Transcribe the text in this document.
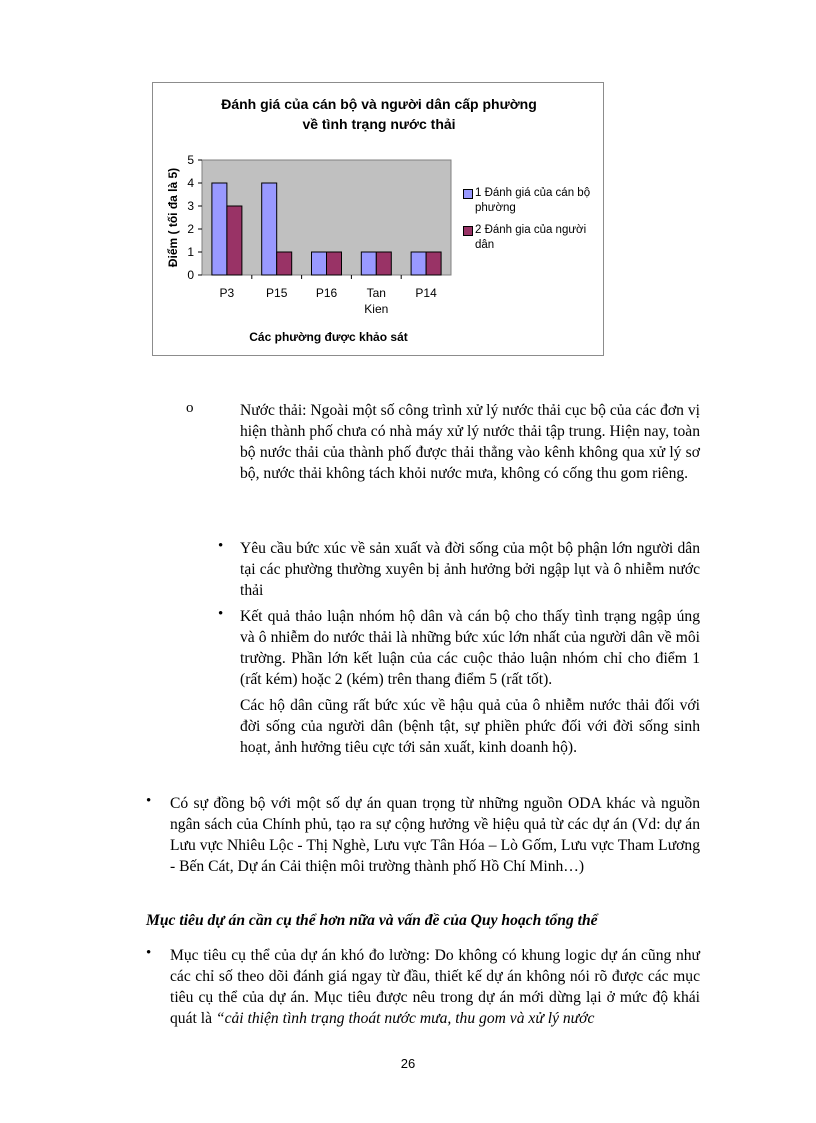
Đánh giá của cán bộ và người dân cấp phường
về tình trạng nước thải
0
1
2
3
4
5
Điểm ( tối đa là 5)
Các phường được khảo sát
P3	P15 P16 Tan
Kien
P14
1 Đánh giá của cán bộ
phường
2 Đánh gia của người
dân
o	Nước thải: Ngoài một số công trình xử lý nước thải cục bộ của các đơn vị hiện thành phố chưa có nhà máy xử lý nước thải tập trung. Hiện nay, toàn bộ nước thải của thành phố được thải thẳng vào kênh không qua xử lý sơ bộ, nước thải không tách khỏi nước mưa, không có cống thu gom riêng.
• Yêu cầu bức xúc về sản xuất và đời sống của một bộ phận lớn người dân tại các phường thường xuyên bị ảnh hưởng bởi ngập lụt và ô nhiễm nước thải
• Kết quả thảo luận nhóm hộ dân và cán bộ cho thấy tình trạng ngập úng và ô nhiễm do nước thải là những bức xúc lớn nhất của người dân về môi trường. Phần lớn kết luận của các cuộc thảo luận nhóm chỉ cho điểm 1 (rất kém) hoặc 2 (kém) trên thang điểm 5 (rất tốt).
Các hộ dân cũng rất bức xúc về hậu quả của ô nhiễm nước thải đối với đời sống của người dân (bệnh tật, sự phiền phức đối với đời sống sinh hoạt, ảnh hưởng tiêu cực tới sản xuất, kinh doanh hộ).
• Có sự đồng bộ với một số dự án quan trọng từ những nguồn ODA khác và nguồn ngân sách của Chính phủ, tạo ra sự cộng hưởng về hiệu quả từ các dự án (Vd: dự án Lưu vực Nhiêu Lộc - Thị Nghè, Lưu vực Tân Hóa – Lò Gốm, Lưu vực Tham Lương - Bến Cát, Dự án Cải thiện môi trường thành phố Hồ Chí Minh…)
Mục tiêu dự án cần cụ thể hơn nữa và vấn đề của Quy hoạch tổng thể
• Mục tiêu cụ thể của dự án khó đo lường: Do không có khung logic dự án cũng như các chỉ số theo dõi đánh giá ngay từ đầu, thiết kế dự án không nói rõ được các mục tiêu cụ thể của dự án. Mục tiêu được nêu trong dự án mới dừng lại ở mức độ khái quát là “cải thiện tình trạng thoát nước mưa, thu gom và xử lý nước
26
